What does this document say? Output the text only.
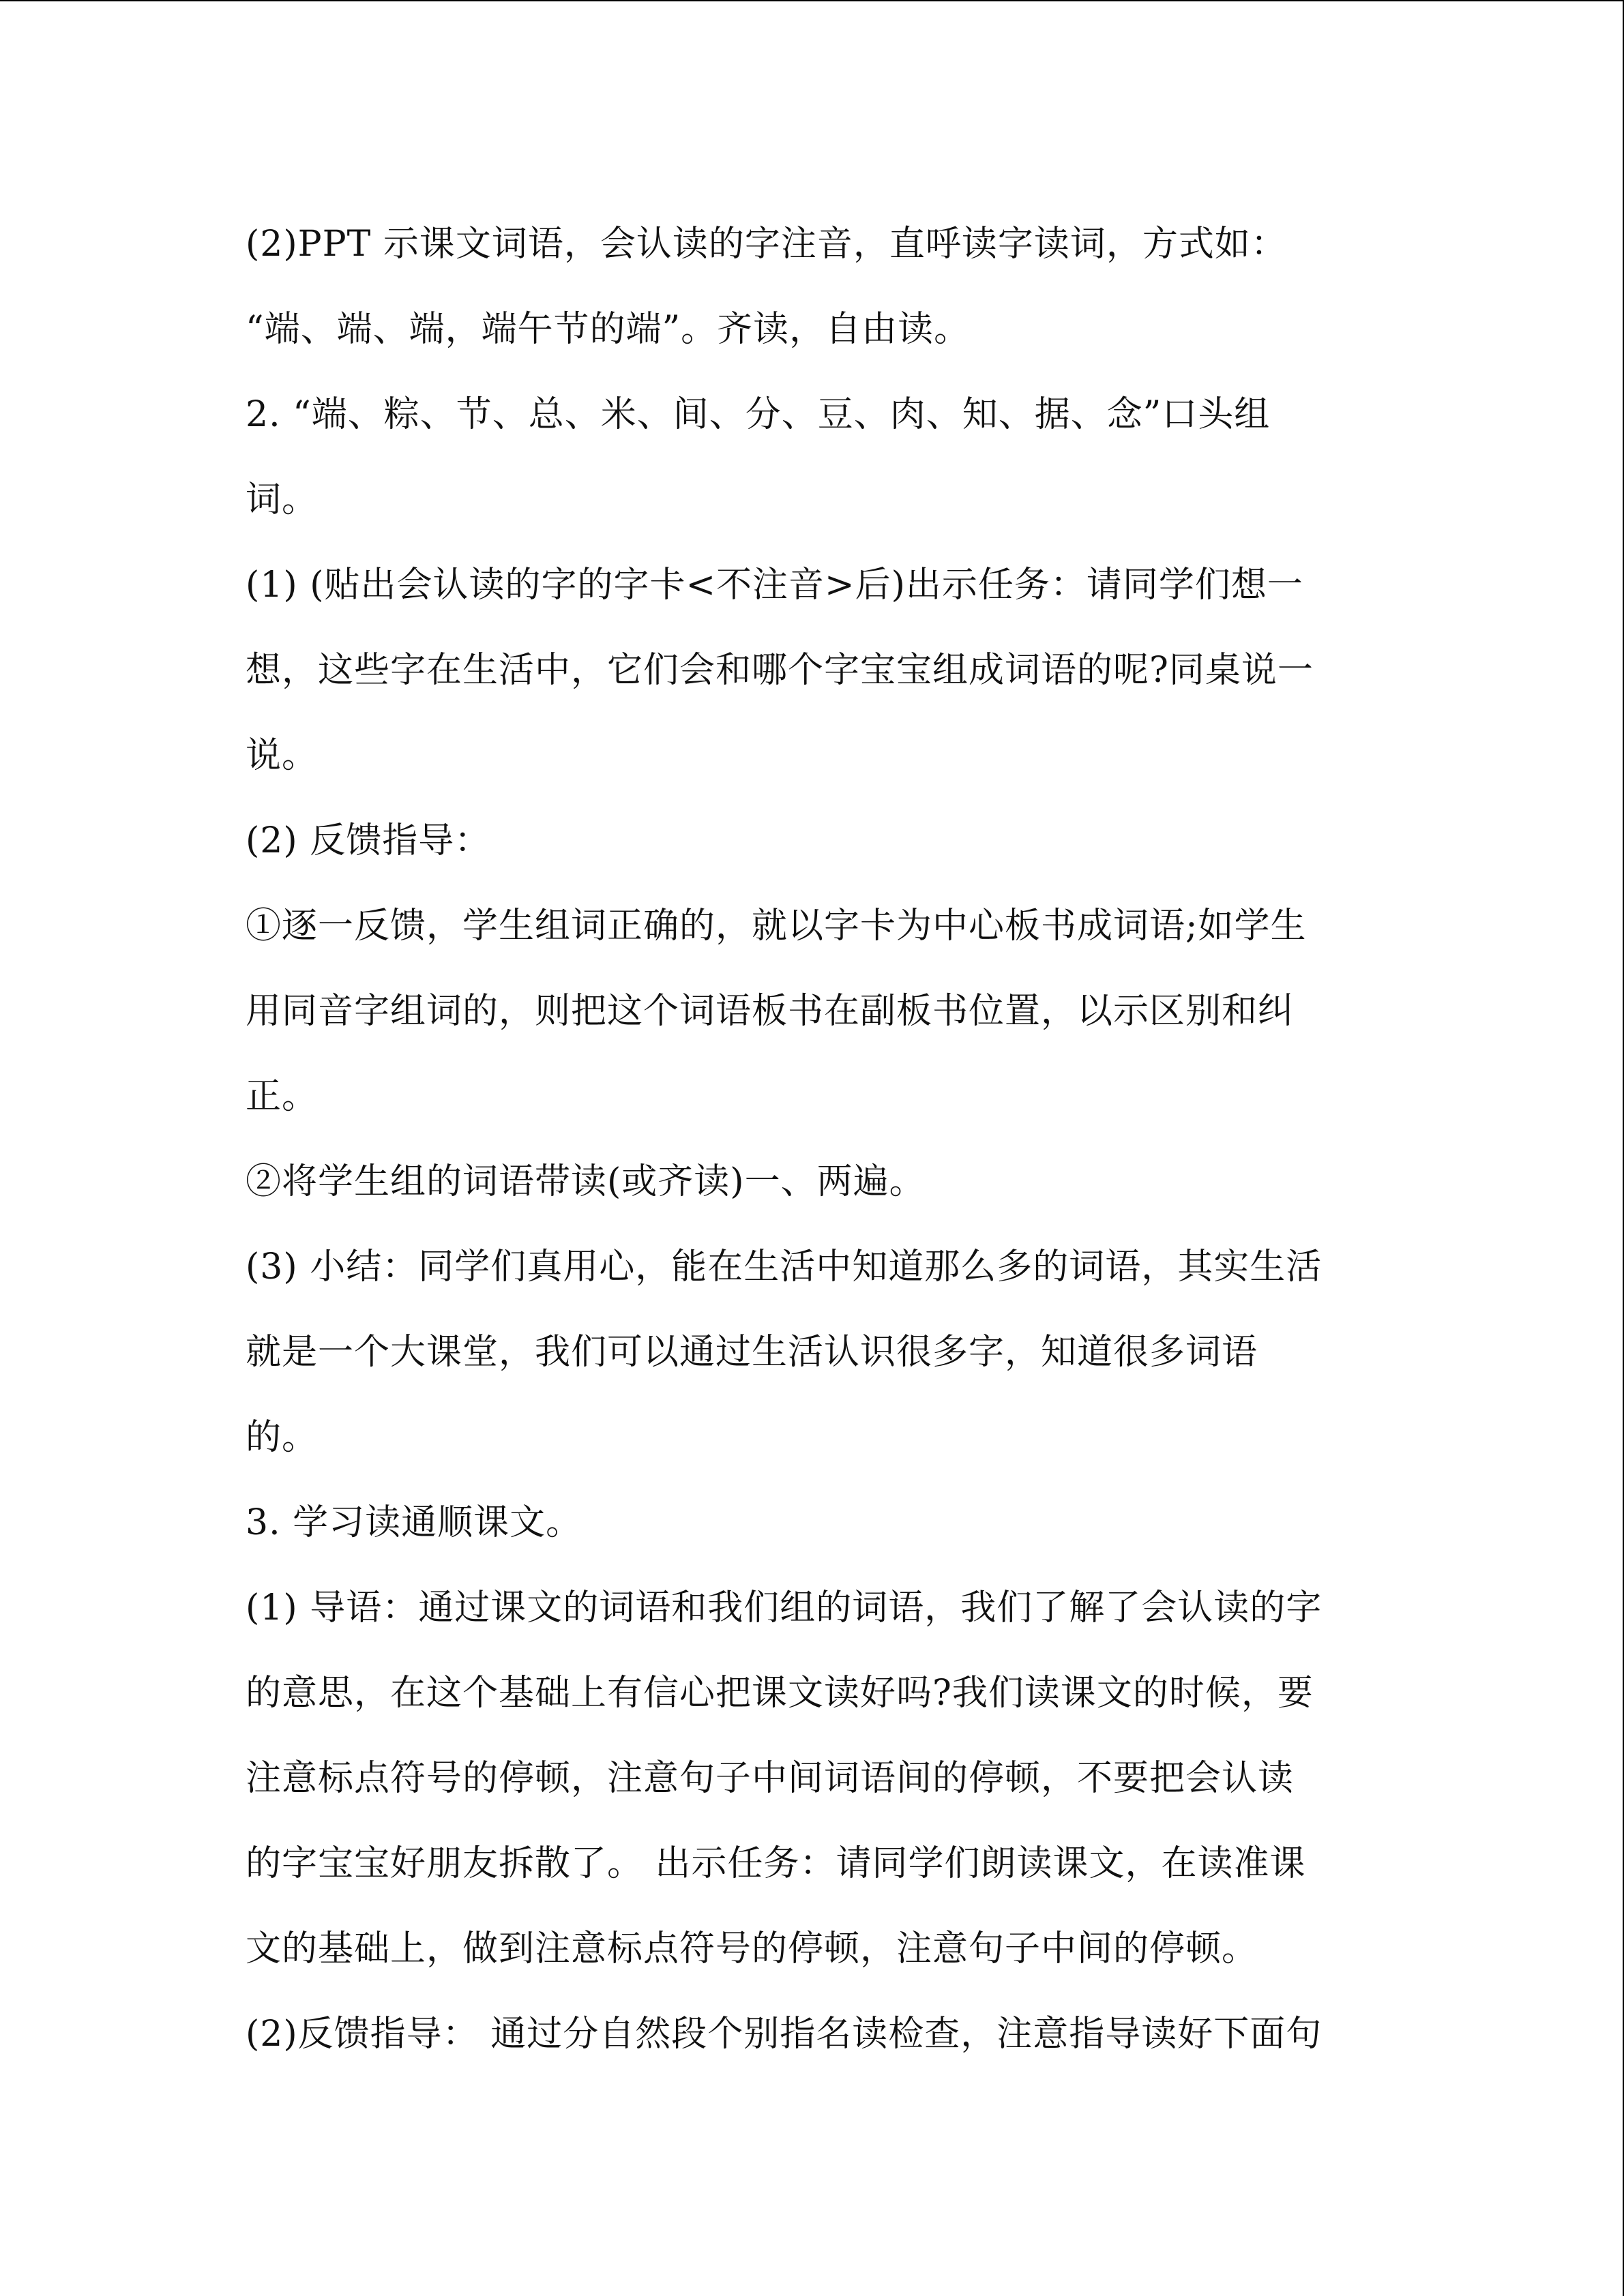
(2)PPT 示课文词语，会认读的字注音，直呼读字读词，方式如：
“端、端、端，端午节的端”。齐读，自由读。
2. “端、粽、节、总、米、间、分、豆、肉、知、据、念”口头组
词。
(1) (贴出会认读的字的字卡<不注音>后)出示任务：请同学们想一
想，这些字在生活中，它们会和哪个字宝宝组成词语的呢?同桌说一
说。
(2) 反馈指导：
①逐一反馈，学生组词正确的，就以字卡为中心板书成词语;如学生
用同音字组词的，则把这个词语板书在副板书位置，以示区别和纠
正。
②将学生组的词语带读(或齐读)一、两遍。
(3) 小结：同学们真用心，能在生活中知道那么多的词语，其实生活
就是一个大课堂，我们可以通过生活认识很多字，知道很多词语
的。
3. 学习读通顺课文。
(1) 导语：通过课文的词语和我们组的词语，我们了解了会认读的字
的意思，在这个基础上有信心把课文读好吗?我们读课文的时候，要
注意标点符号的停顿，注意句子中间词语间的停顿，不要把会认读
的字宝宝好朋友拆散了。 出示任务：请同学们朗读课文，在读准课
文的基础上，做到注意标点符号的停顿，注意句子中间的停顿。
(2)反馈指导： 通过分自然段个别指名读检查，注意指导读好下面句
